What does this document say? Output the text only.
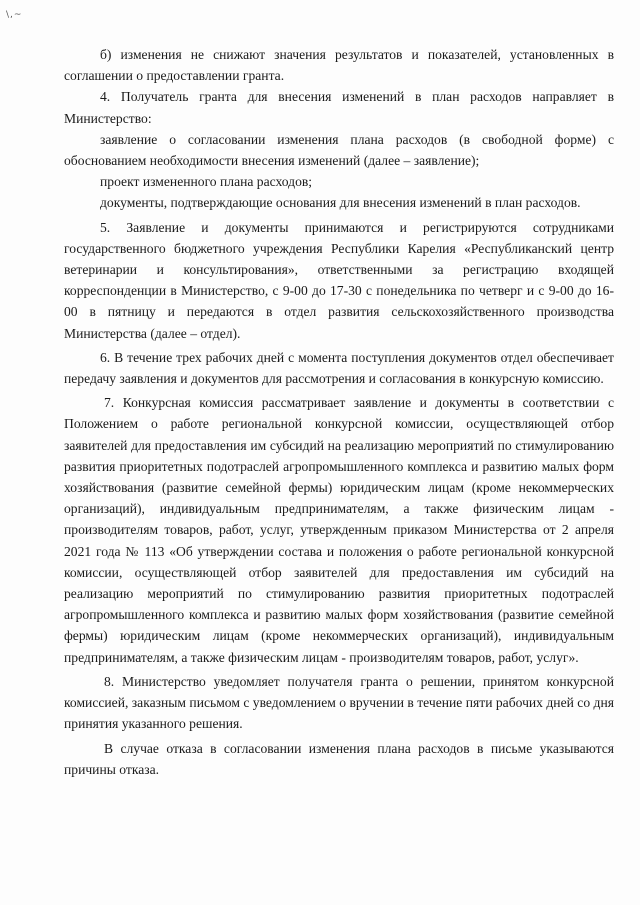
\,~

б) изменения не снижают значения результатов и показателей, установленных в соглашении о предоставлении гранта.

4. Получатель гранта для внесения изменений в план расходов направляет в Министерство:

заявление о согласовании изменения плана расходов (в свободной форме) с обоснованием необходимости внесения изменений (далее – заявление);

проект измененного плана расходов;

документы, подтверждающие основания для внесения изменений в план расходов.

5. Заявление и документы принимаются и регистрируются сотрудниками государственного бюджетного учреждения Республики Карелия «Республиканский центр ветеринарии и консультирования», ответственными за регистрацию входящей корреспонденции в Министерство, с 9-00 до 17-30 с понедельника по четверг и с 9-00 до 16-00 в пятницу и передаются в отдел развития сельскохозяйственного производства Министерства (далее – отдел).

6. В течение трех рабочих дней с момента поступления документов отдел обеспечивает передачу заявления и документов для рассмотрения и согласования в конкурсную комиссию.

7. Конкурсная комиссия рассматривает заявление и документы в соответствии с Положением о работе региональной конкурсной комиссии, осуществляющей отбор заявителей для предоставления им субсидий на реализацию мероприятий по стимулированию развития приоритетных подотраслей агропромышленного комплекса и развитию малых форм хозяйствования (развитие семейной фермы) юридическим лицам (кроме некоммерческих организаций), индивидуальным предпринимателям, а также физическим лицам - производителям товаров, работ, услуг, утвержденным приказом Министерства от 2 апреля 2021 года № 113 «Об утверждении состава и положения о работе региональной конкурсной комиссии, осуществляющей отбор заявителей для предоставления им субсидий на реализацию мероприятий по стимулированию развития приоритетных подотраслей агропромышленного комплекса и развитию малых форм хозяйствования (развитие семейной фермы) юридическим лицам (кроме некоммерческих организаций), индивидуальным предпринимателям, а также физическим лицам - производителям товаров, работ, услуг».

8. Министерство уведомляет получателя гранта о решении, принятом конкурсной комиссией, заказным письмом с уведомлением о вручении в течение пяти рабочих дней со дня принятия указанного решения.

В случае отказа в согласовании изменения плана расходов в письме указываются причины отказа.
